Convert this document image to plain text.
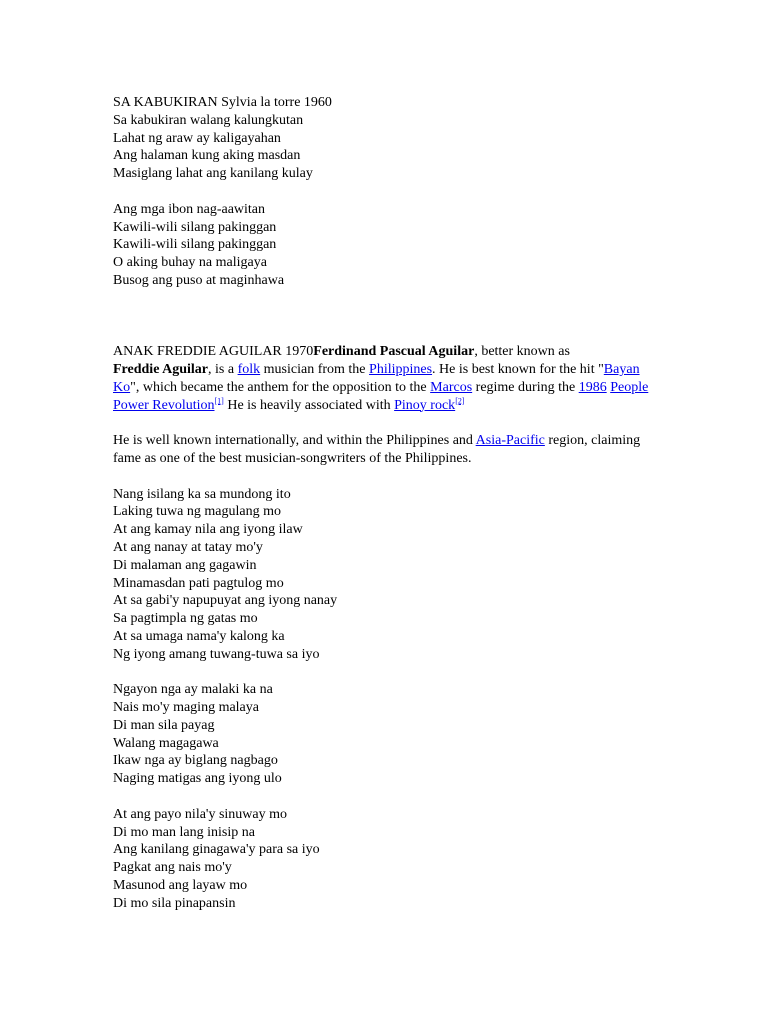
SA KABUKIRAN Sylvia la torre 1960
Sa kabukiran walang kalungkutan
Lahat ng araw ay kaligayahan
Ang halaman kung aking masdan
Masiglang lahat ang kanilang kulay
Ang mga ibon nag-aawitan
Kawili-wili silang pakinggan
Kawili-wili silang pakinggan
O aking buhay na maligaya
Busog ang puso at maginhawa
ANAK FREDDIE AGUILAR 1970Ferdinand Pascual Aguilar, better known as
Freddie Aguilar, is a folk musician from the Philippines. He is best known for the hit "Bayan Ko", which became the anthem for the opposition to the Marcos regime during the 1986 People Power Revolution[1] He is heavily associated with Pinoy rock[2]
He is well known internationally, and within the Philippines and Asia-Pacific region, claiming fame as one of the best musician-songwriters of the Philippines.
Nang isilang ka sa mundong ito
Laking tuwa ng magulang mo
At ang kamay nila ang iyong ilaw
At ang nanay at tatay mo'y
Di malaman ang gagawin
Minamasdan pati pagtulog mo
At sa gabi'y napupuyat ang iyong nanay
Sa pagtimpla ng gatas mo
At sa umaga nama'y kalong ka
Ng iyong amang tuwang-tuwa sa iyo
Ngayon nga ay malaki ka na
Nais mo'y maging malaya
Di man sila payag
Walang magagawa
Ikaw nga ay biglang nagbago
Naging matigas ang iyong ulo
At ang payo nila'y sinuway mo
Di mo man lang inisip na
Ang kanilang ginagawa'y para sa iyo
Pagkat ang nais mo'y
Masunod ang layaw mo
Di mo sila pinapansin
